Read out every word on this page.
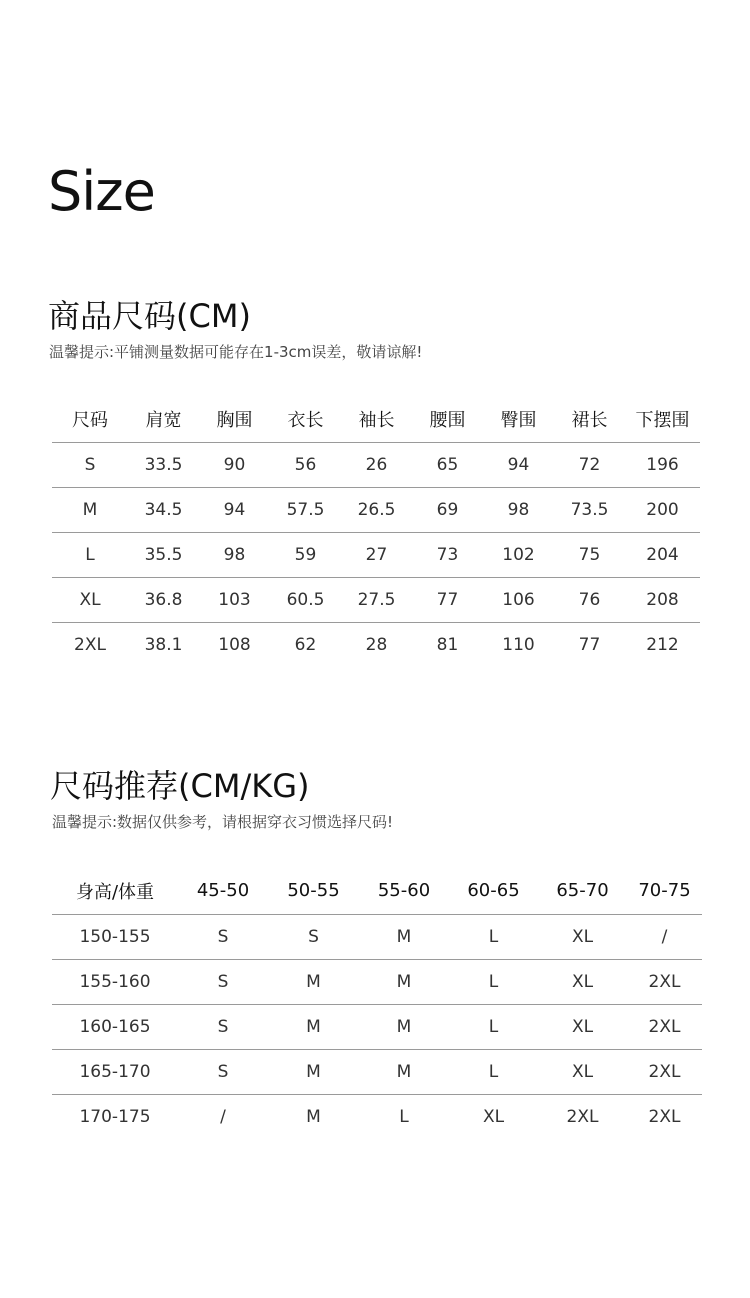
Size
商品尺码(CM)
温馨提示:平铺测量数据可能存在1-3cm误差，敬请谅解!
尺码	肩宽	胸围	衣长	袖长	腰围	臀围	裙长	下摆围
S	33.5	90	56	26	65	94	72	196
M	34.5	94	57.5	26.5	69	98	73.5	200
L	35.5	98	59	27	73	102	75	204
XL	36.8	103	60.5	27.5	77	106	76	208
2XL	38.1	108	62	28	81	110	77	212
尺码推荐(CM/KG)
温馨提示:数据仅供参考，请根据穿衣习惯选择尺码!
身高/体重	45-50	50-55	55-60	60-65	65-70	70-75
150-155	S	S	M	L	XL	/
155-160	S	M	M	L	XL	2XL
160-165	S	M	M	L	XL	2XL
165-170	S	M	M	L	XL	2XL
170-175	/	M	L	XL	2XL	2XL
